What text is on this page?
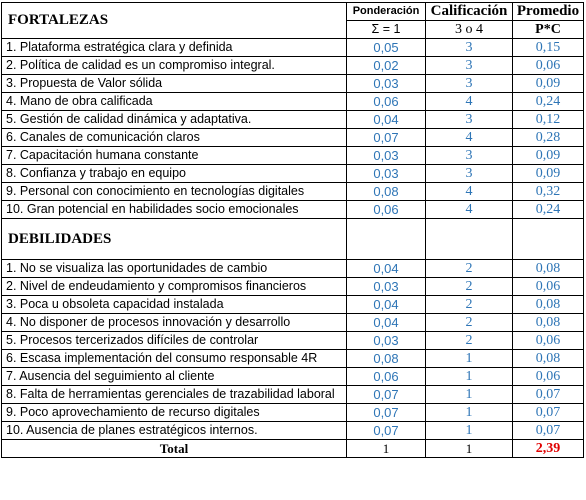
FORTALEZAS	Ponderación	Calificación	Promedio
	Σ = 1	3 o 4	P*C
1. Plataforma estratégica clara y definida	0,05	3	0,15
2. Política de calidad es un compromiso integral.	0,02	3	0,06
3. Propuesta de Valor sólida	0,03	3	0,09
4. Mano de obra calificada	0,06	4	0,24
5. Gestión de calidad dinámica y adaptativa.	0,04	3	0,12
6. Canales de comunicación claros	0,07	4	0,28
7. Capacitación humana constante	0,03	3	0,09
8. Confianza y trabajo en equipo	0,03	3	0,09
9. Personal con conocimiento en tecnologías digitales	0,08	4	0,32
10. Gran potencial en habilidades socio emocionales	0,06	4	0,24
DEBILIDADES			

1. No se visualiza las oportunidades de cambio	0,04	2	0,08
2. Nivel de endeudamiento y compromisos financieros	0,03	2	0,06
3. Poca u obsoleta capacidad instalada	0,04	2	0,08
4. No disponer de procesos innovación y desarrollo	0,04	2	0,08
5. Procesos tercerizados difíciles de controlar	0,03	2	0,06
6. Escasa implementación del consumo responsable 4R	0,08	1	0,08
7. Ausencia del seguimiento al cliente	0,06	1	0,06
8. Falta de herramientas gerenciales de trazabilidad laboral	0,07	1	0,07
9. Poco aprovechamiento de recurso digitales	0,07	1	0,07
10. Ausencia de planes estratégicos internos.	0,07	1	0,07
Total	1	1	2,39
